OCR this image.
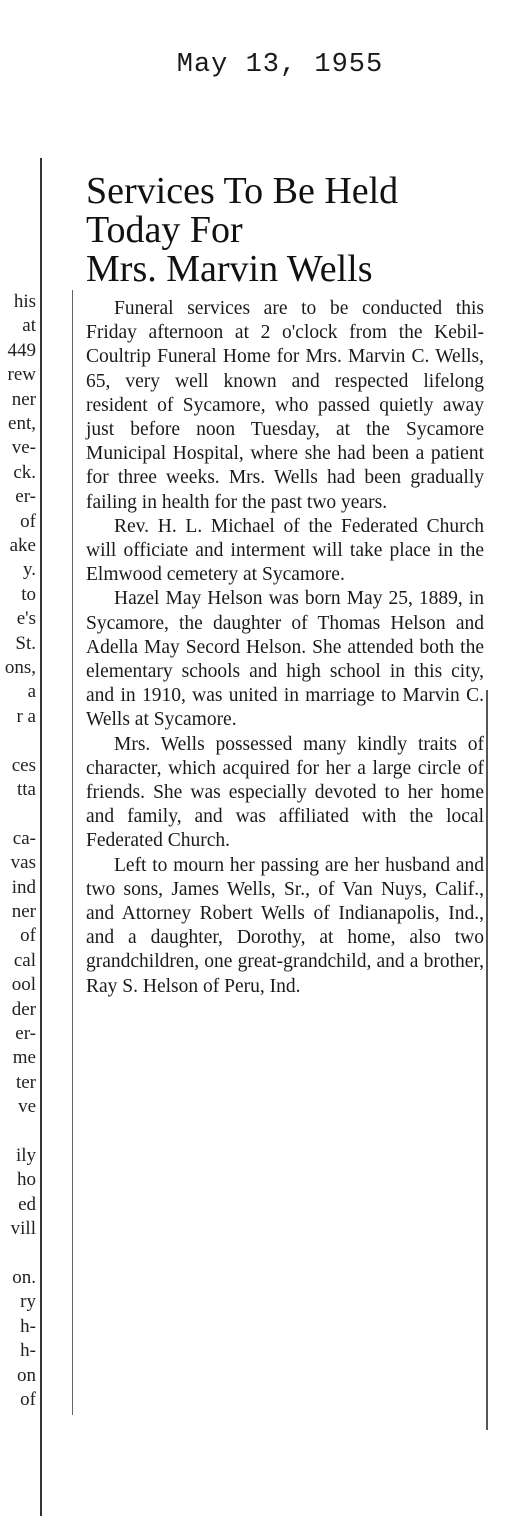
May 13, 1955
his
at
449
rew
ner
ent,
ve-
ck.
er-
of
ake
y.
to
e's
St.
ons,
a
r a
ces
tta
ca-
vas
ind
ner
of
cal
ool
der
er-
me
ter
ve
ily
ho
ed
vill
on.
ry
h-
h-
on
of
Services To Be Held
Today For
Mrs. Marvin Wells

Funeral services are to be conducted this Friday afternoon at 2 o'clock from the Kebil-Coultrip Funeral Home for Mrs. Marvin C. Wells, 65, very well known and respected lifelong resident of Sycamore, who passed quietly away just before noon Tuesday, at the Sycamore Municipal Hospital, where she had been a patient for three weeks. Mrs. Wells had been gradually failing in health for the past two years.

Rev. H. L. Michael of the Federated Church will officiate and interment will take place in the Elmwood cemetery at Sycamore.

Hazel May Helson was born May 25, 1889, in Sycamore, the daughter of Thomas Helson and Adella May Secord Helson. She attended both the elementary schools and high school in this city, and in 1910, was united in marriage to Marvin C. Wells at Sycamore.

Mrs. Wells possessed many kindly traits of character, which acquired for her a large circle of friends. She was especially devoted to her home and family, and was affiliated with the local Federated Church.

Left to mourn her passing are her husband and two sons, James Wells, Sr., of Van Nuys, Calif., and Attorney Robert Wells of Indianapolis, Ind., and a daughter, Dorothy, at home, also two grandchildren, one great-grandchild, and a brother, Ray S. Helson of Peru, Ind.
